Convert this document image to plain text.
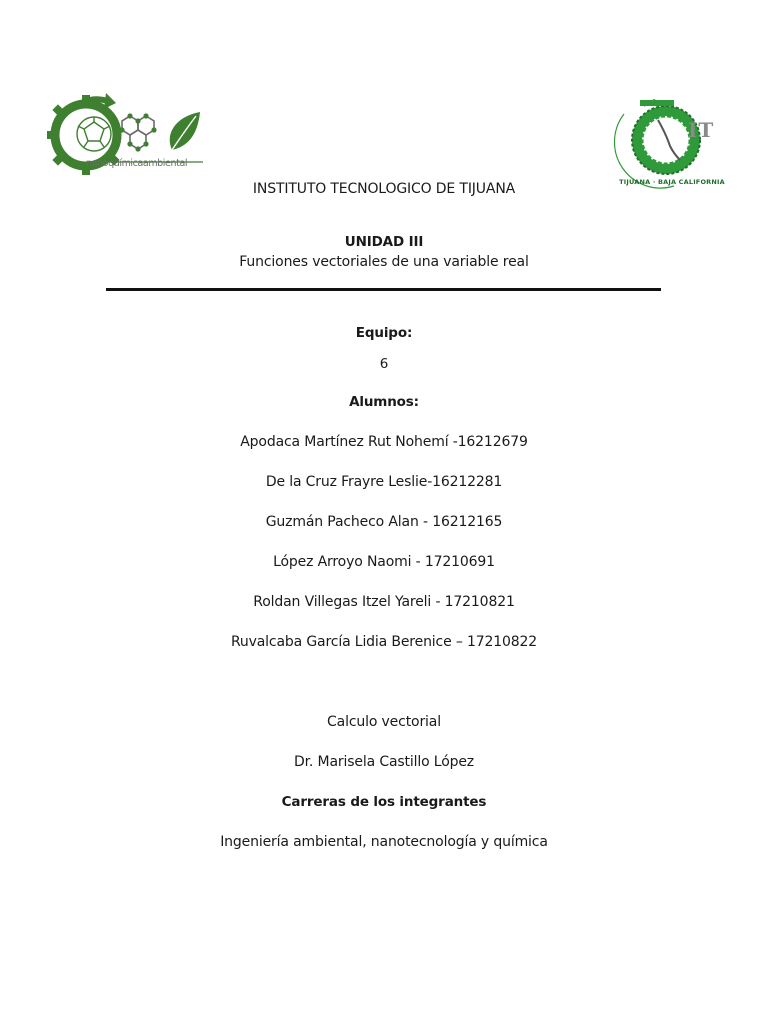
nanoquímicaambiental
IT
TIJUANA · BAJA CALIFORNIA
INSTITUTO TECNOLOGICO DE TIJUANA
UNIDAD III
Funciones vectoriales de una variable real
Equipo:
6
Alumnos:
Apodaca Martínez Rut Nohemí -16212679
De la Cruz Frayre Leslie-16212281
Guzmán Pacheco Alan - 16212165
López Arroyo Naomi - 17210691
Roldan Villegas Itzel Yareli - 17210821
Ruvalcaba García Lidia Berenice – 17210822
Calculo vectorial
Dr. Marisela Castillo López
Carreras de los integrantes
Ingeniería ambiental, nanotecnología y química
